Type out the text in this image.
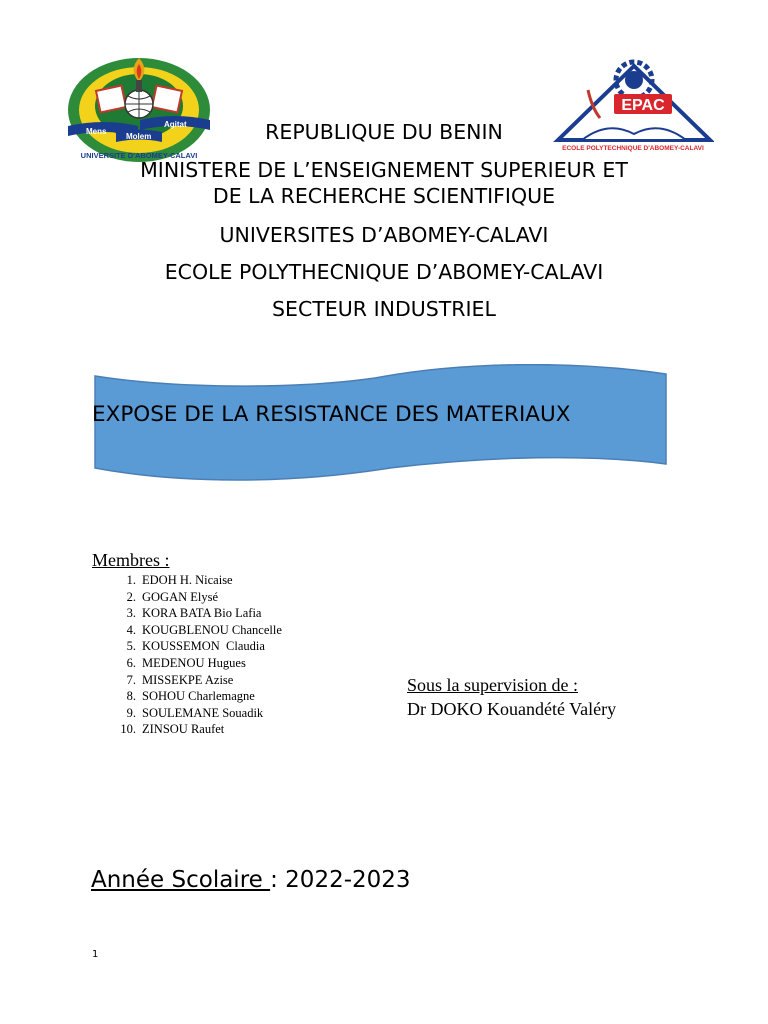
Mens
Agitat
Molem
UNIVERSITE D'ABOMEY-CALAVI
EPAC
ECOLE POLYTECHNIQUE D'ABOMEY-CALAVI
REPUBLIQUE DU BENIN
MINISTERE DE L’ENSEIGNEMENT SUPERIEUR ET
DE LA RECHERCHE SCIENTIFIQUE
UNIVERSITES D’ABOMEY-CALAVI
ECOLE POLYTHECNIQUE D’ABOMEY-CALAVI
SECTEUR INDUSTRIEL
EXPOSE DE LA RESISTANCE DES MATERIAUX
Membres :
1. EDOH H. Nicaise
2. GOGAN Elysé
3. KORA BATA Bio Lafia
4. KOUGBLENOU Chancelle
5. KOUSSEMON  Claudia
6. MEDENOU Hugues
7. MISSEKPE Azise
8. SOHOU Charlemagne
9. SOULEMANE Souadik
10. ZINSOU Raufet
Sous la supervision de :
Dr DOKO Kouandété Valéry
Année Scolaire : 2022-2023
1
